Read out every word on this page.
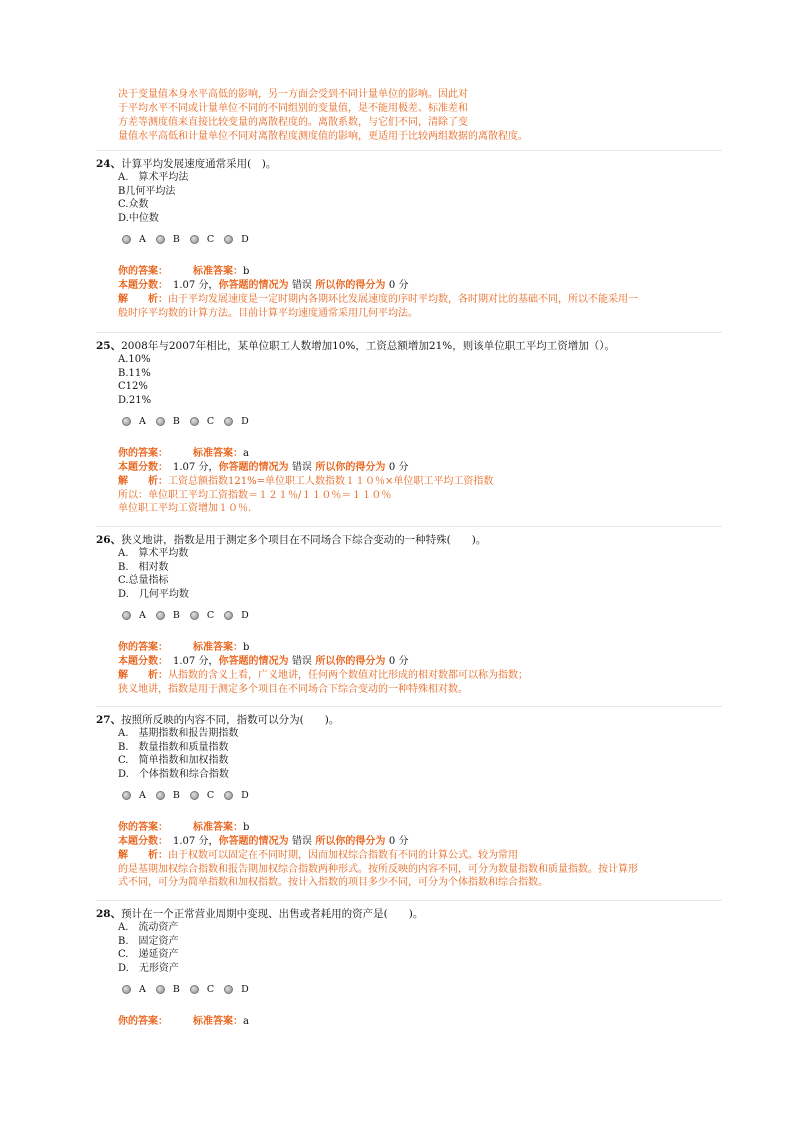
决于变量值本身水平高低的影响，另一方面会受到不同计量单位的影响。因此对
于平均水平不同或计量单位不同的不同组别的变量值，是不能用极差、标准差和
方差等测度值来直接比较变量的离散程度的。离散系数，与它们不同，清除了变
量值水平高低和计量单位不同对离散程度测度值的影响，更适用于比较两组数据的离散程度。
24、计算平均发展速度通常采用(　)。
A.　算术平均法
B几何平均法
C.众数
D.中位数
A	B	C	D
你的答案：　　　	标准答案：b
本题分数：　 1.07 分，你答题的情况为 错误 所以你的得分为 0 分
解　　析：由于平均发展速度是一定时期内各期环比发展速度的序时平均数，各时期对比的基础不同，所以不能采用一
般时序平均数的计算方法。目前计算平均速度通常采用几何平均法。
25、2008年与2007年相比，某单位职工人数增加10%，工资总额增加21%，则该单位职工平均工资增加（）。
A.10%
B.11%
C12%
D.21%
A	B	C	D
你的答案：　　　	标准答案：a
本题分数：　 1.07 分，你答题的情况为 错误 所以你的得分为 0 分
解　　析：工资总额指数121%=单位职工人数指数１１０％×单位职工平均工资指数
所以：单位职工平均工资指数＝１２１％/１１０％＝１１０％
单位职工平均工资增加１０％.
26、狭义地讲，指数是用于测定多个项目在不同场合下综合变动的一种特殊(　　)。
A.　算术平均数
B.　相对数
C.总量指标
D.　几何平均数
A	B	C	D
你的答案：　　　	标准答案：b
本题分数：　 1.07 分，你答题的情况为 错误 所以你的得分为 0 分
解　　析：从指数的含义上看，广义地讲，任何两个数值对比形成的相对数都可以称为指数；
狭义地讲，指数是用于测定多个项目在不同场合下综合变动的一种特殊相对数。
27、按照所反映的内容不同，指数可以分为(　　)。
A.　基期指数和报告期指数
B.　数量指数和质量指数
C.　简单指数和加权指数
D.　个体指数和综合指数
A	B	C	D
你的答案：　　　	标准答案：b
本题分数：　 1.07 分，你答题的情况为 错误 所以你的得分为 0 分
解　　析：由于权数可以固定在不同时期，因而加权综合指数有不同的计算公式。较为常用
的是基期加权综合指数和报告期加权综合指数两种形式。按所反映的内容不同，可分为数量指数和质量指数。按计算形
式不同，可分为简单指数和加权指数。按计入指数的项目多少不同，可分为个体指数和综合指数。
28、预计在一个正常营业周期中变现、出售或者耗用的资产是(　　)。
A.　流动资产
B.　固定资产
C.　递延资产
D.　无形资产
A	B	C	D
你的答案：　　　	标准答案：a
